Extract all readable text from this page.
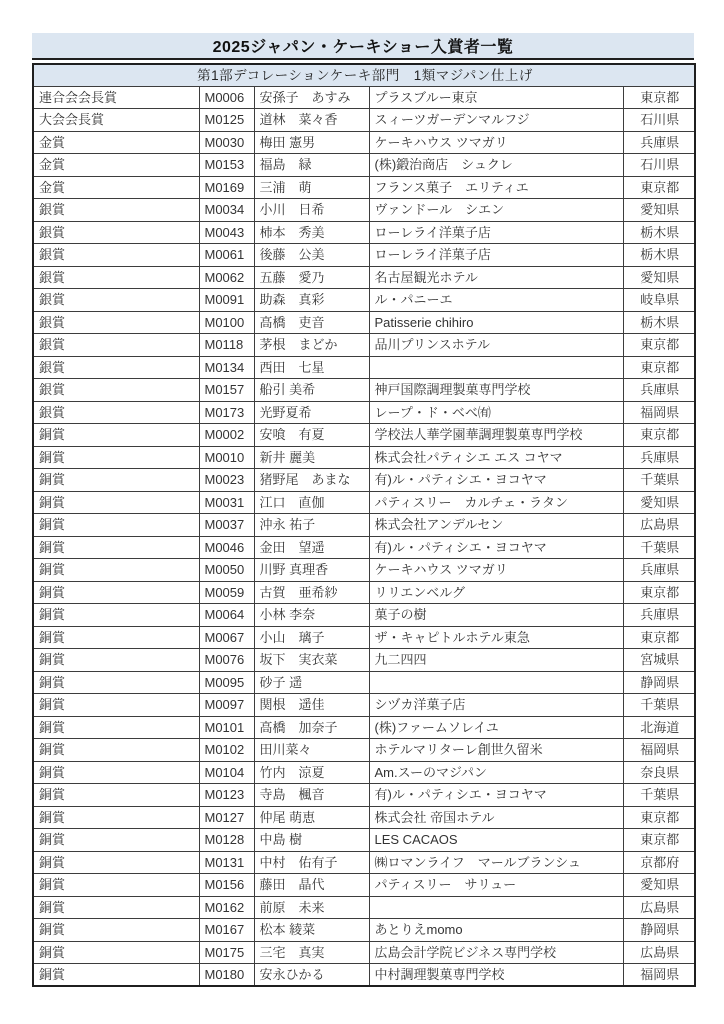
2025ジャパン・ケーキショー入賞者一覧
第1部デコレーションケーキ部門　1類マジパン仕上げ				
連合会会長賞	M0006	安孫子　あすみ	プラスブルー東京	東京都
大会会長賞	M0125	道林　菜々香	スィーツガーデンマルフジ	石川県
金賞	M0030	梅田 憲男	ケーキハウス ツマガリ	兵庫県
金賞	M0153	福島　緑	(株)鍛治商店　シュクレ	石川県
金賞	M0169	三浦　萌	フランス菓子　エリティエ	東京都
銀賞	M0034	小川　日希	ヴァンドール　シエン	愛知県
銀賞	M0043	柿本　秀美	ローレライ洋菓子店	栃木県
銀賞	M0061	後藤　公美	ローレライ洋菓子店	栃木県
銀賞	M0062	五藤　愛乃	名古屋観光ホテル	愛知県
銀賞	M0091	助森　真彩	ル・パニーエ	岐阜県
銀賞	M0100	高橋　吏音	Patisserie chihiro	栃木県
銀賞	M0118	茅根　まどか	品川プリンスホテル	東京都
銀賞	M0134	西田　七星		東京都
銀賞	M0157	船引 美希	神戸国際調理製菓専門学校	兵庫県
銀賞	M0173	光野夏希	レープ・ド・ベベ㈲	福岡県
銅賞	M0002	安喰　有夏	学校法人華学園華調理製菓専門学校	東京都
銅賞	M0010	新井 麗美	株式会社パティシエ エス コヤマ	兵庫県
銅賞	M0023	猪野尾　あまな	有)ル・パティシエ・ヨコヤマ	千葉県
銅賞	M0031	江口　直伽	パティスリー　カルチェ・ラタン	愛知県
銅賞	M0037	沖永 祐子	株式会社アンデルセン	広島県
銅賞	M0046	金田　望遥	有)ル・パティシエ・ヨコヤマ	千葉県
銅賞	M0050	川野 真理香	ケーキハウス ツマガリ	兵庫県
銅賞	M0059	古賀　亜希紗	リリエンベルグ	東京都
銅賞	M0064	小林 李奈	菓子の樹	兵庫県
銅賞	M0067	小山　璃子	ザ・キャピトルホテル東急	東京都
銅賞	M0076	坂下　実衣菜	九二四四	宮城県
銅賞	M0095	砂子 遥		静岡県
銅賞	M0097	関根　遥佳	シヅカ洋菓子店	千葉県
銅賞	M0101	高橋　加奈子	(株)ファームソレイユ	北海道
銅賞	M0102	田川菜々	ホテルマリターレ創世久留米	福岡県
銅賞	M0104	竹内　涼夏	Am.スーのマジパン	奈良県
銅賞	M0123	寺島　楓音	有)ル・パティシエ・ヨコヤマ	千葉県
銅賞	M0127	仲尾 萌恵	株式会社 帝国ホテル	東京都
銅賞	M0128	中島 樹	LES CACAOS	東京都
銅賞	M0131	中村　佑有子	㈱ロマンライフ　マールブランシュ	京都府
銅賞	M0156	藤田　晶代	パティスリー　サリュー	愛知県
銅賞	M0162	前原　未来		広島県
銅賞	M0167	松本 綾菜	あとりえmomo	静岡県
銅賞	M0175	三宅　真実	広島会計学院ビジネス専門学校	広島県
銅賞	M0180	安永ひかる	中村調理製菓専門学校	福岡県
